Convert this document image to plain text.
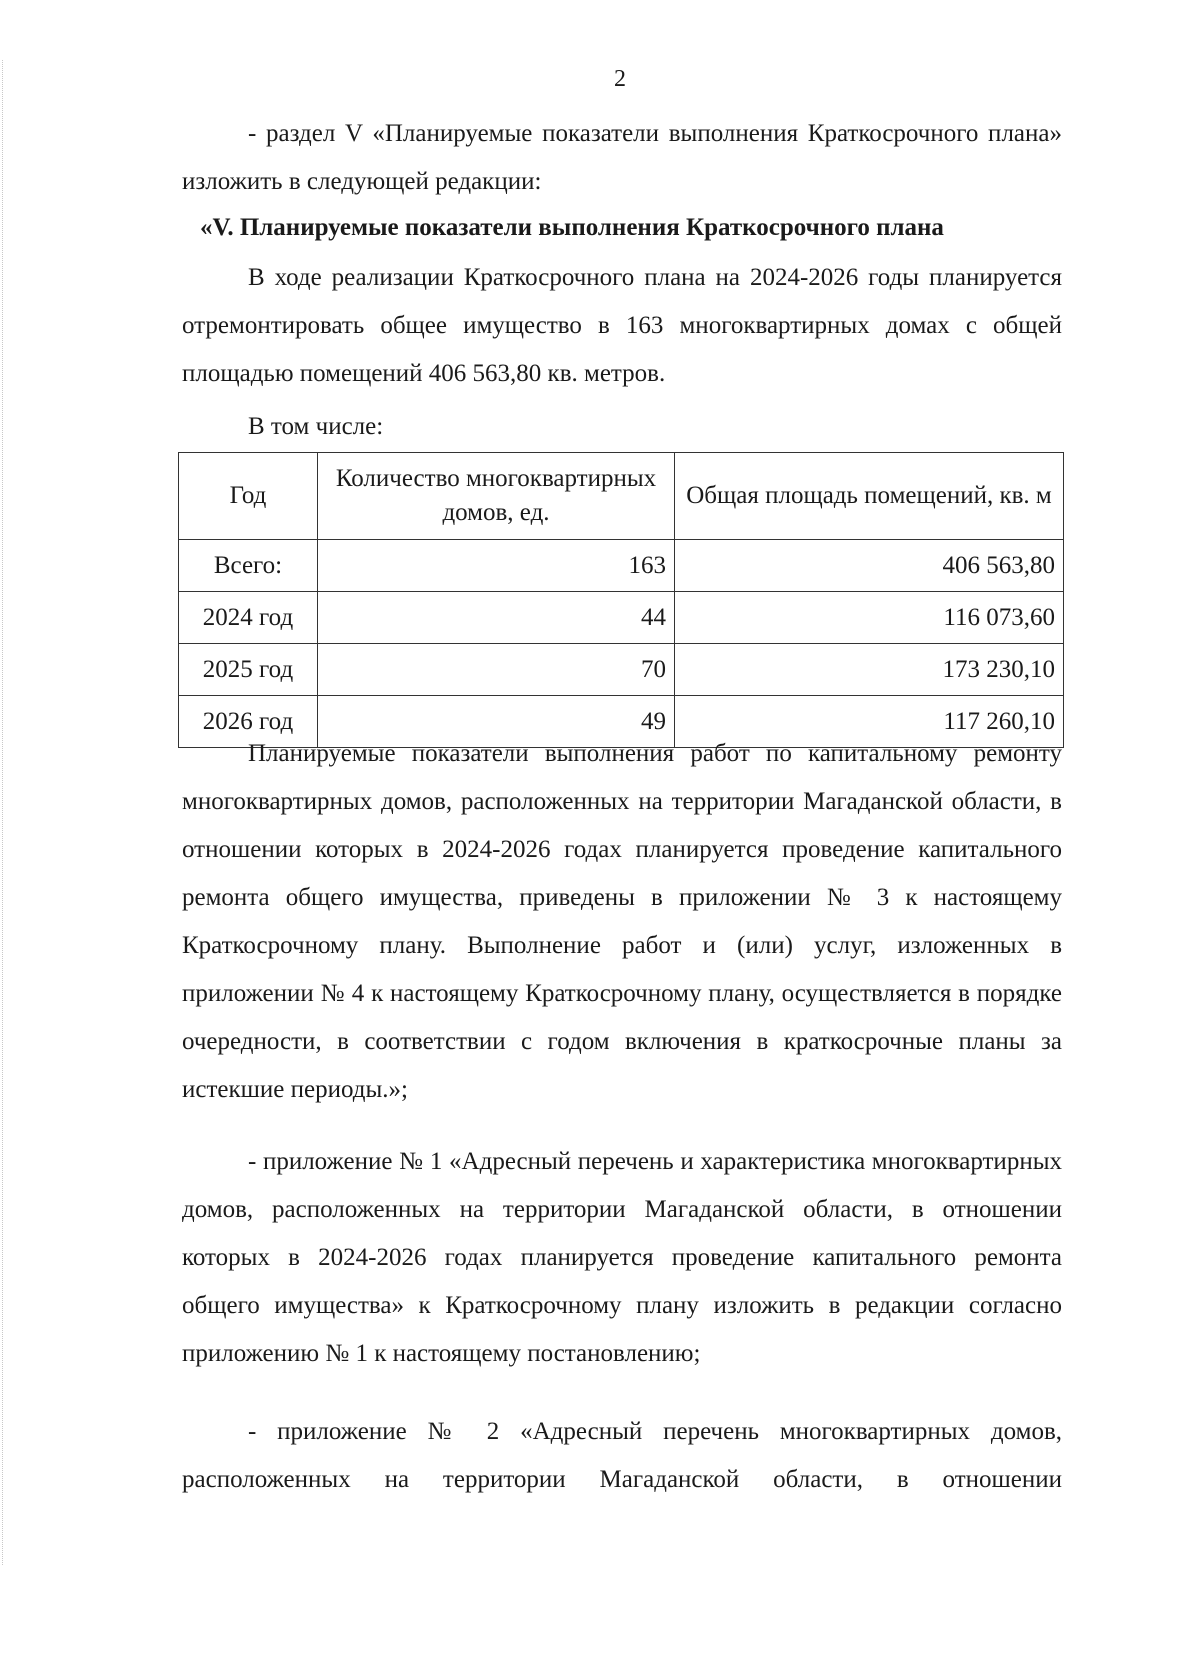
2

- раздел V «Планируемые показатели выполнения Краткосрочного плана» изложить в следующей редакции:

«V. Планируемые показатели выполнения Краткосрочного плана

В ходе реализации Краткосрочного плана на 2024-2026 годы планируется отремонтировать общее имущество в 163 многоквартирных домах с общей площадью помещений 406 563,80 кв. метров.

В том числе:

Год	Количество многоквартирных домов, ед.	Общая площадь помещений, кв. м
Всего:	163	406 563,80
2024 год	44	116 073,60
2025 год	70	173 230,10
2026 год	49	117 260,10

Планируемые показатели выполнения работ по капитальному ремонту многоквартирных домов, расположенных на территории Магаданской области, в отношении которых в 2024-2026 годах планируется проведение капитального ремонта общего имущества, приведены в приложении № 3 к настоящему Краткосрочному плану. Выполнение работ и (или) услуг, изложенных в приложении № 4 к настоящему Краткосрочному плану, осуществляется в порядке очередности, в соответствии с годом включения в краткосрочные планы за истекшие периоды.»;

- приложение № 1 «Адресный перечень и характеристика многоквартирных домов, расположенных на территории Магаданской области, в отношении которых в 2024-2026 годах планируется проведение капитального ремонта общего имущества» к Краткосрочному плану изложить в редакции согласно приложению № 1 к настоящему постановлению;

- приложение № 2 «Адресный перечень многоквартирных домов, расположенных на территории Магаданской области, в отношении
